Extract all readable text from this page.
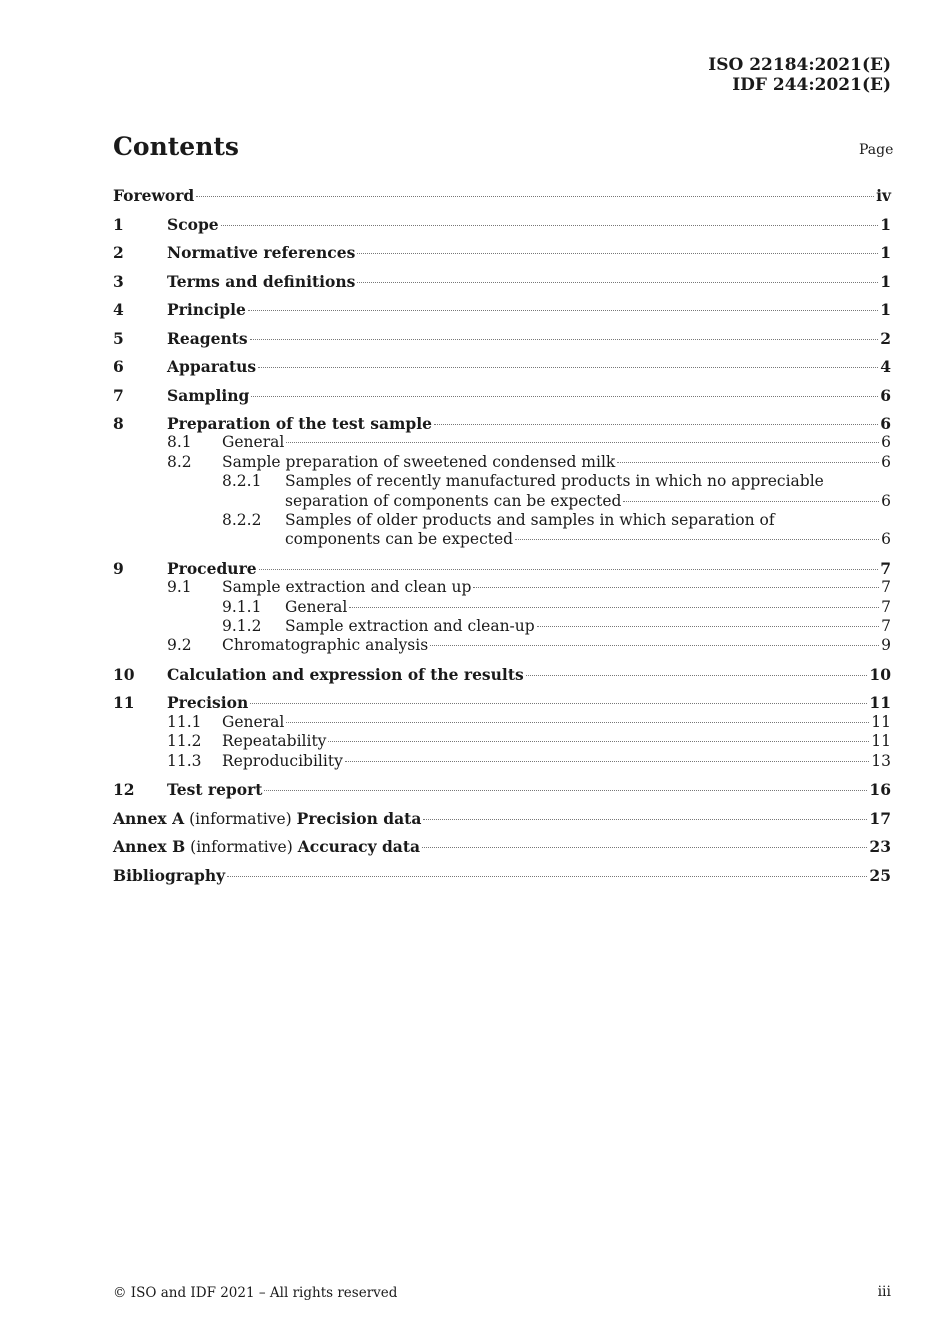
ISO 22184:2021(E)
IDF 244:2021(E)
Contents	Page
Foreword	iv
1	Scope	1
2	Normative references	1
3	Terms and definitions	1
4	Principle	1
5	Reagents	2
6	Apparatus	4
7	Sampling	6
8	Preparation of the test sample	6
8.1 General	6
8.2 Sample preparation of sweetened condensed milk	6
8.2.1 Samples of recently manufactured products in which no appreciable
separation of components can be expected	6
8.2.2 Samples of older products and samples in which separation of
components can be expected	6
9	Procedure	7
9.1 Sample extraction and clean up	7
9.1.1 General	7
9.1.2 Sample extraction and clean-up	7
9.2 Chromatographic analysis	9
10 Calculation and expression of the results	10
11 Precision	11
11.1 General	11
11.2 Repeatability	11
11.3 Reproducibility	13
12 Test report	16
Annex A (informative) Precision data	17
Annex B (informative) Accuracy data	23
Bibliography	25
© ISO and IDF 2021 – All rights reserved	iii
